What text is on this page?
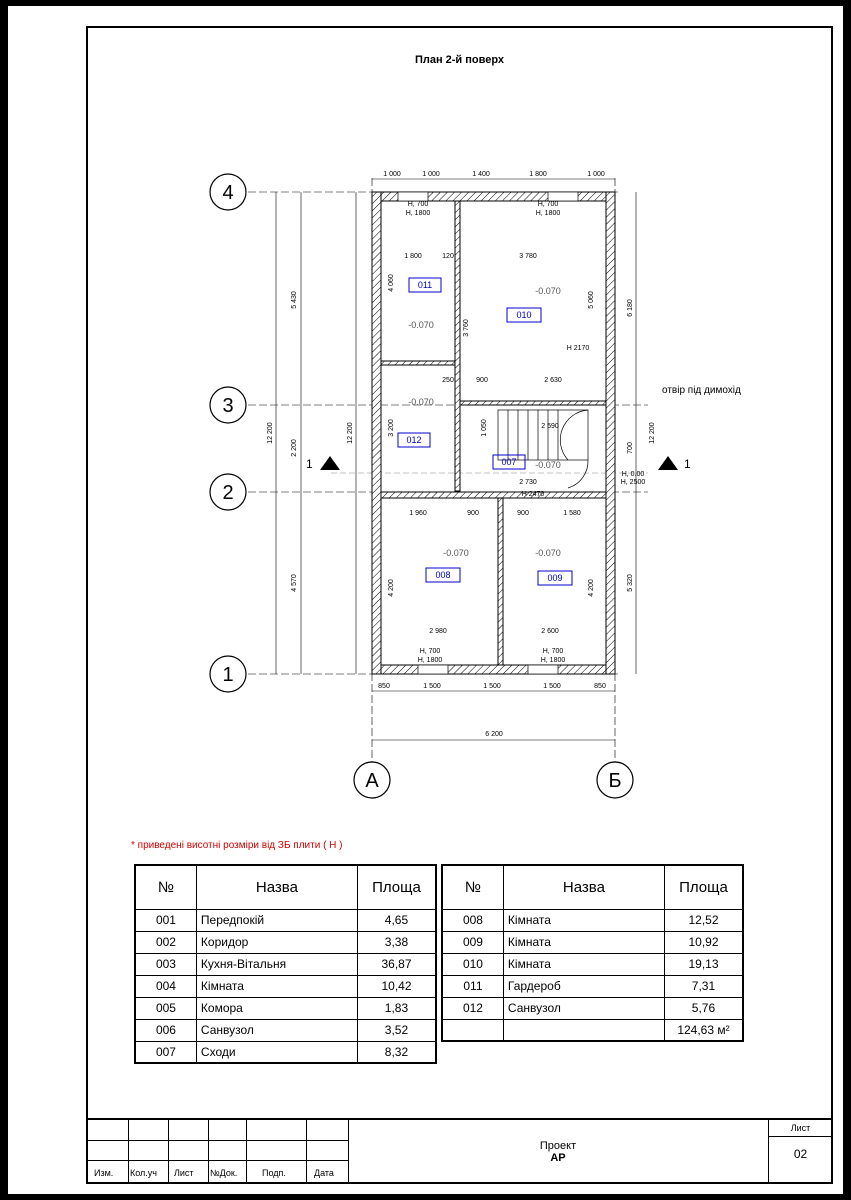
План 2-й поверх
4
3
2
1
А	Б
1 000	1 000	1 400	1 800	1 000
850	1 500	1 500	1 500	850
6 200
5 430
2 200
4 570
12 200	12 200
6 180
700
5 320
12 200
1 800	120	3 780
4 060
3 760
5 060
250	900	2 630
1 050	2 590
3 200
2 730
1 960	900	900	1 580
4 200	4 200
2 980	2 600
H, 700
H, 1800
H, 700
H, 1800
H, 700
H, 1800
H, 700
H, 1800
H 2170
H, 0.00
H, 2500
H 2470
011
-0.070
010
-0.070
012
-0.070
007 -0.070
008
-0.070
009
-0.070
отвір під димохід
1	1
* приведені висотні розміри від ЗБ плити ( Н )
№	Назва	Площа
001	Передпокій	4,65
002	Коридор	3,38
003	Кухня-Вітальня	36,87
004	Кімната	10,42
005	Комора	1,83
006	Санвузол	3,52
007	Сходи	8,32
№	Назва	Площа
008	Кімната	12,52
009	Кімната	10,92
010	Кімната	19,13
011	Гардероб	7,31
012	Санвузол	5,76
		124,63 м²
Изм. Кол.уч Лист №Док.	Подп.	Дата
Проект
АР
Лист
02
